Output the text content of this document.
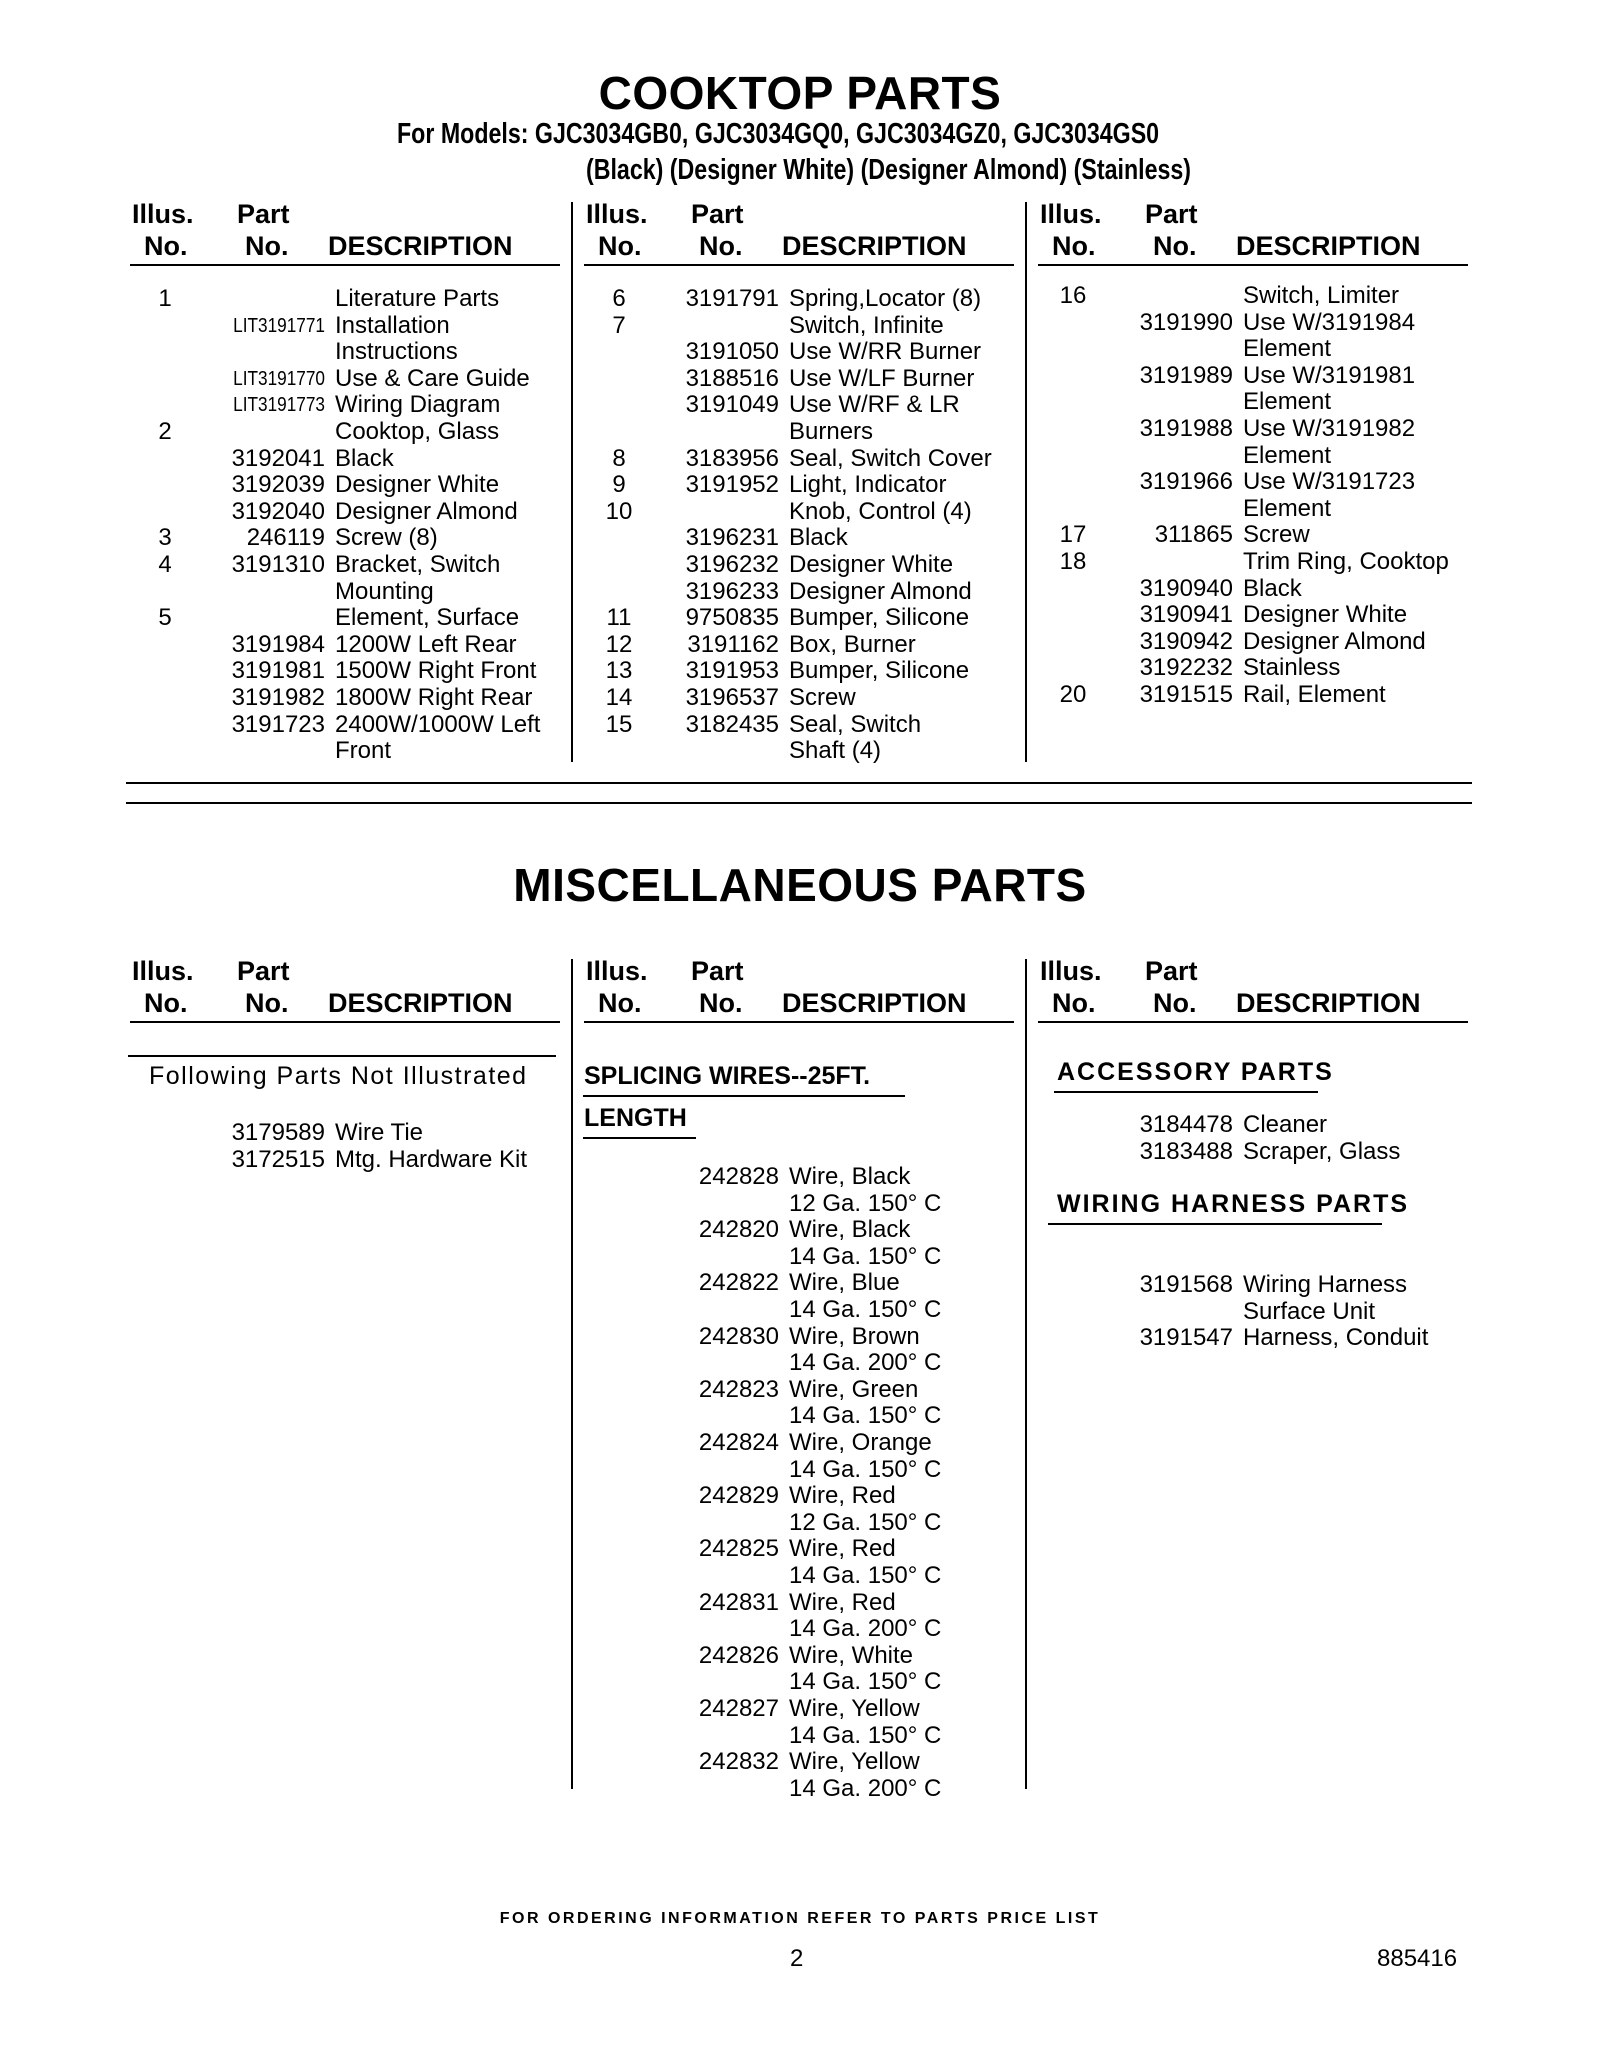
COOKTOP PARTS
For Models: GJC3034GB0, GJC3034GQ0, GJC3034GZ0, GJC3034GS0
(Black) (Designer White) (Designer Almond) (Stainless)
Illus.
No.
Part
No. DESCRIPTION
Illus.
No.
Part
No. DESCRIPTION
Illus.
No.
Part
No. DESCRIPTION
1	Literature Parts
LIT3191771 Installation
Instructions
LIT3191770 Use & Care Guide
LIT3191773 Wiring Diagram
2	Cooktop, Glass
3192041 Black
3192039 Designer White
3192040 Designer Almond
3	246119 Screw (8)
4	3191310 Bracket, Switch
Mounting
5	Element, Surface
3191984 1200W Left Rear
3191981 1500W Right Front
3191982 1800W Right Rear
3191723 2400W/1000W Left
Front
6	3191791 Spring,Locator (8)
7	Switch, Infinite
3191050 Use W/RR Burner
3188516 Use W/LF Burner
3191049 Use W/RF & LR
Burners
8	3183956 Seal, Switch Cover
9	3191952 Light, Indicator
10	Knob, Control (4)
3196231 Black
3196232 Designer White
3196233 Designer Almond
11	9750835 Bumper, Silicone
12	3191162 Box, Burner
13	3191953 Bumper, Silicone
14	3196537 Screw
15	3182435 Seal, Switch
Shaft (4)
16	Switch, Limiter
3191990 Use W/3191984
Element
3191989 Use W/3191981
Element
3191988 Use W/3191982
Element
3191966 Use W/3191723
Element
17	311865 Screw
18	Trim Ring, Cooktop
3190940 Black
3190941 Designer White
3190942 Designer Almond
3192232 Stainless
20	3191515 Rail, Element
MISCELLANEOUS PARTS
Illus.
No.
Part
No. DESCRIPTION
Illus.
No.
Part
No. DESCRIPTION
Illus.
No.
Part
No. DESCRIPTION
Following Parts Not Illustrated
3179589 Wire Tie
3172515 Mtg. Hardware Kit
SPLICING WIRES--25FT.
LENGTH
242828 Wire, Black
12 Ga. 150° C
242820 Wire, Black
14 Ga. 150° C
242822 Wire, Blue
14 Ga. 150° C
242830 Wire, Brown
14 Ga. 200° C
242823 Wire, Green
14 Ga. 150° C
242824 Wire, Orange
14 Ga. 150° C
242829 Wire, Red
12 Ga. 150° C
242825 Wire, Red
14 Ga. 150° C
242831 Wire, Red
14 Ga. 200° C
242826 Wire, White
14 Ga. 150° C
242827 Wire, Yellow
14 Ga. 150° C
242832 Wire, Yellow
14 Ga. 200° C
ACCESSORY PARTS
3184478 Cleaner
3183488 Scraper, Glass
WIRING HARNESS PARTS
3191568 Wiring Harness
Surface Unit
3191547 Harness, Conduit
FOR ORDERING INFORMATION REFER TO PARTS PRICE LIST
2	885416
